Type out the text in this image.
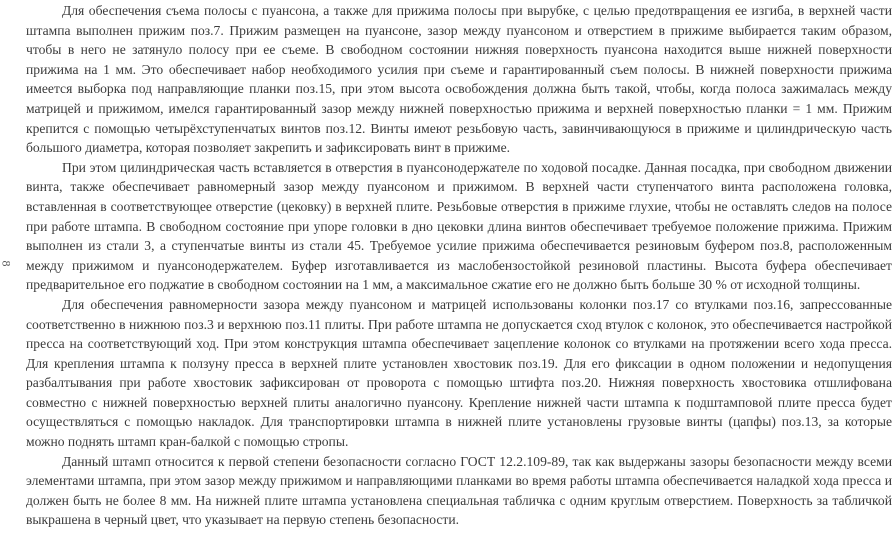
8

Для обеспечения съема полосы с пуансона, а также для прижима полосы при вырубке, с целью предотвращения ее изгиба, в верхней части штампа выполнен прижим поз.7. Прижим размещен на пуансоне, зазор между пуансоном и отверстием в прижиме выбирается таким образом, чтобы в него не затянуло полосу при ее съеме. В свободном состоянии нижняя поверхность пуансона находится выше нижней поверхности прижима на 1 мм. Это обеспечивает набор необходимого усилия при съеме и гарантированный съем полосы. В нижней поверхности прижима имеется выборка под направляющие планки поз.15, при этом высота освобождения должна быть такой, чтобы, когда полоса зажималась между матрицей и прижимом, имелся гарантированный зазор между нижней поверхностью прижима и верхней поверхностью планки = 1 мм. Прижим крепится с помощью четырёхступенчатых винтов поз.12. Винты имеют резьбовую часть, завинчивающуюся в прижиме и цилиндрическую часть большого диаметра, которая позволяет закрепить и зафиксировать винт в прижиме.

При этом цилиндрическая часть вставляется в отверстия в пуансонодержателе по ходовой посадке. Данная посадка, при свободном движении винта, также обеспечивает равномерный зазор между пуансоном и прижимом. В верхней части ступенчатого винта расположена головка, вставленная в соответствующее отверстие (цековку) в верхней плите. Резьбовые отверстия в прижиме глухие, чтобы не оставлять следов на полосе при работе штампа. В свободном состояние при упоре головки в дно цековки длина винтов обеспечивает требуемое положение прижима. Прижим выполнен из стали 3, а ступенчатые винты из стали 45. Требуемое усилие прижима обеспечивается резиновым буфером поз.8, расположенным между прижимом и пуансонодержателем. Буфер изготавливается из маслобензостойкой резиновой пластины. Высота буфера обеспечивает предварительное его поджатие в свободном состоянии на 1 мм, а максимальное сжатие его не должно быть больше 30 % от исходной толщины.

Для обеспечения равномерности зазора между пуансоном и матрицей использованы колонки поз.17 со втулками поз.16, запрессованные соответственно в нижнюю поз.3 и верхнюю поз.11 плиты. При работе штампа не допускается сход втулок с колонок, это обеспечивается настройкой пресса на соответствующий ход. При этом конструкция штампа обеспечивает зацепление колонок со втулками на протяжении всего хода пресса. Для крепления штампа к ползуну пресса в верхней плите установлен хвостовик поз.19. Для его фиксации в одном положении и недопущения разбалтывания при работе хвостовик зафиксирован от проворота с помощью штифта поз.20. Нижняя поверхность хвостовика отшлифована совместно с нижней поверхностью верхней плиты аналогично пуансону. Крепление нижней части штампа к подштамповой плите пресса будет осуществляться с помощью накладок. Для транспортировки штампа в нижней плите установлены грузовые винты (цапфы) поз.13, за которые можно поднять штамп кран-балкой с помощью стропы.

Данный штамп относится к первой степени безопасности согласно ГОСТ 12.2.109-89, так как выдержаны зазоры безопасности между всеми элементами штампа, при этом зазор между прижимом и направляющими планками во время работы штампа обеспечивается наладкой хода пресса и должен быть не более 8 мм. На нижней плите штампа установлена специальная табличка с одним круглым отверстием. Поверхность за табличкой выкрашена в черный цвет, что указывает на первую степень безопасности.
